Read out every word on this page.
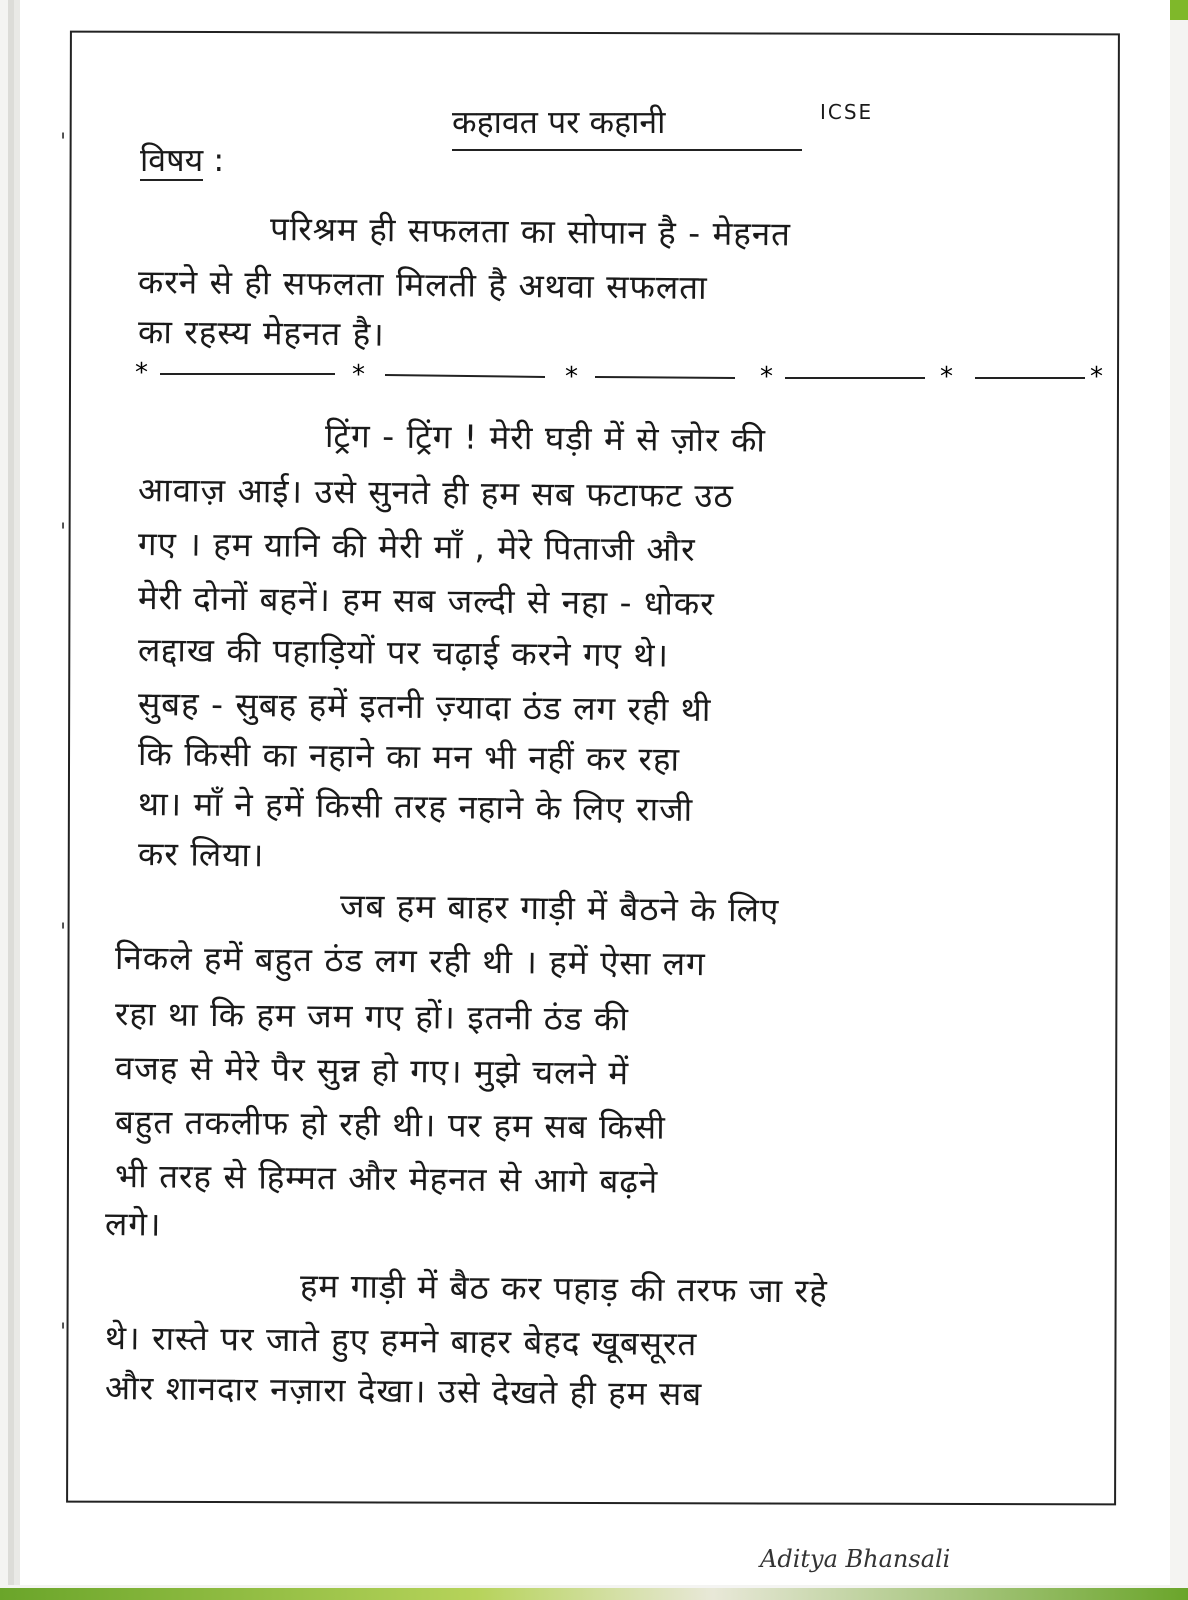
'
'
'
'
कहावत पर कहानी	ICSE
विषय :
परिश्रम ही सफलता का सोपान है - मेहनत
करने से ही सफलता मिलती है अथवा सफलता
का रहस्य मेहनत है।
*	*	*	*	*	*
ट्रिंग - ट्रिंग ! मेरी घड़ी में से ज़ोर की
आवाज़ आई। उसे सुनते ही हम सब फटाफट उठ
गए । हम यानि की मेरी माँ , मेरे पिताजी और
मेरी दोनों बहनें। हम सब जल्दी से नहा - धोकर
लद्दाख की पहाड़ियों पर चढ़ाई करने गए थे।
सुबह - सुबह हमें इतनी ज़्यादा ठंड लग रही थी
कि किसी का नहाने का मन भी नहीं कर रहा
था। माँ ने हमें किसी तरह नहाने के लिए राजी
कर लिया।
जब हम बाहर गाड़ी में बैठने के लिए
निकले हमें बहुत ठंड लग रही थी । हमें ऐसा लग
रहा था कि हम जम गए हों। इतनी ठंड की
वजह से मेरे पैर सुन्न हो गए। मुझे चलने में
बहुत तकलीफ हो रही थी। पर हम सब किसी
भी तरह से हिम्मत और मेहनत से आगे बढ़ने
लगे।
हम गाड़ी में बैठ कर पहाड़ की तरफ जा रहे
थे। रास्ते पर जाते हुए हमने बाहर बेहद खूबसूरत
और शानदार नज़ारा देखा। उसे देखते ही हम सब
Aditya Bhansali
